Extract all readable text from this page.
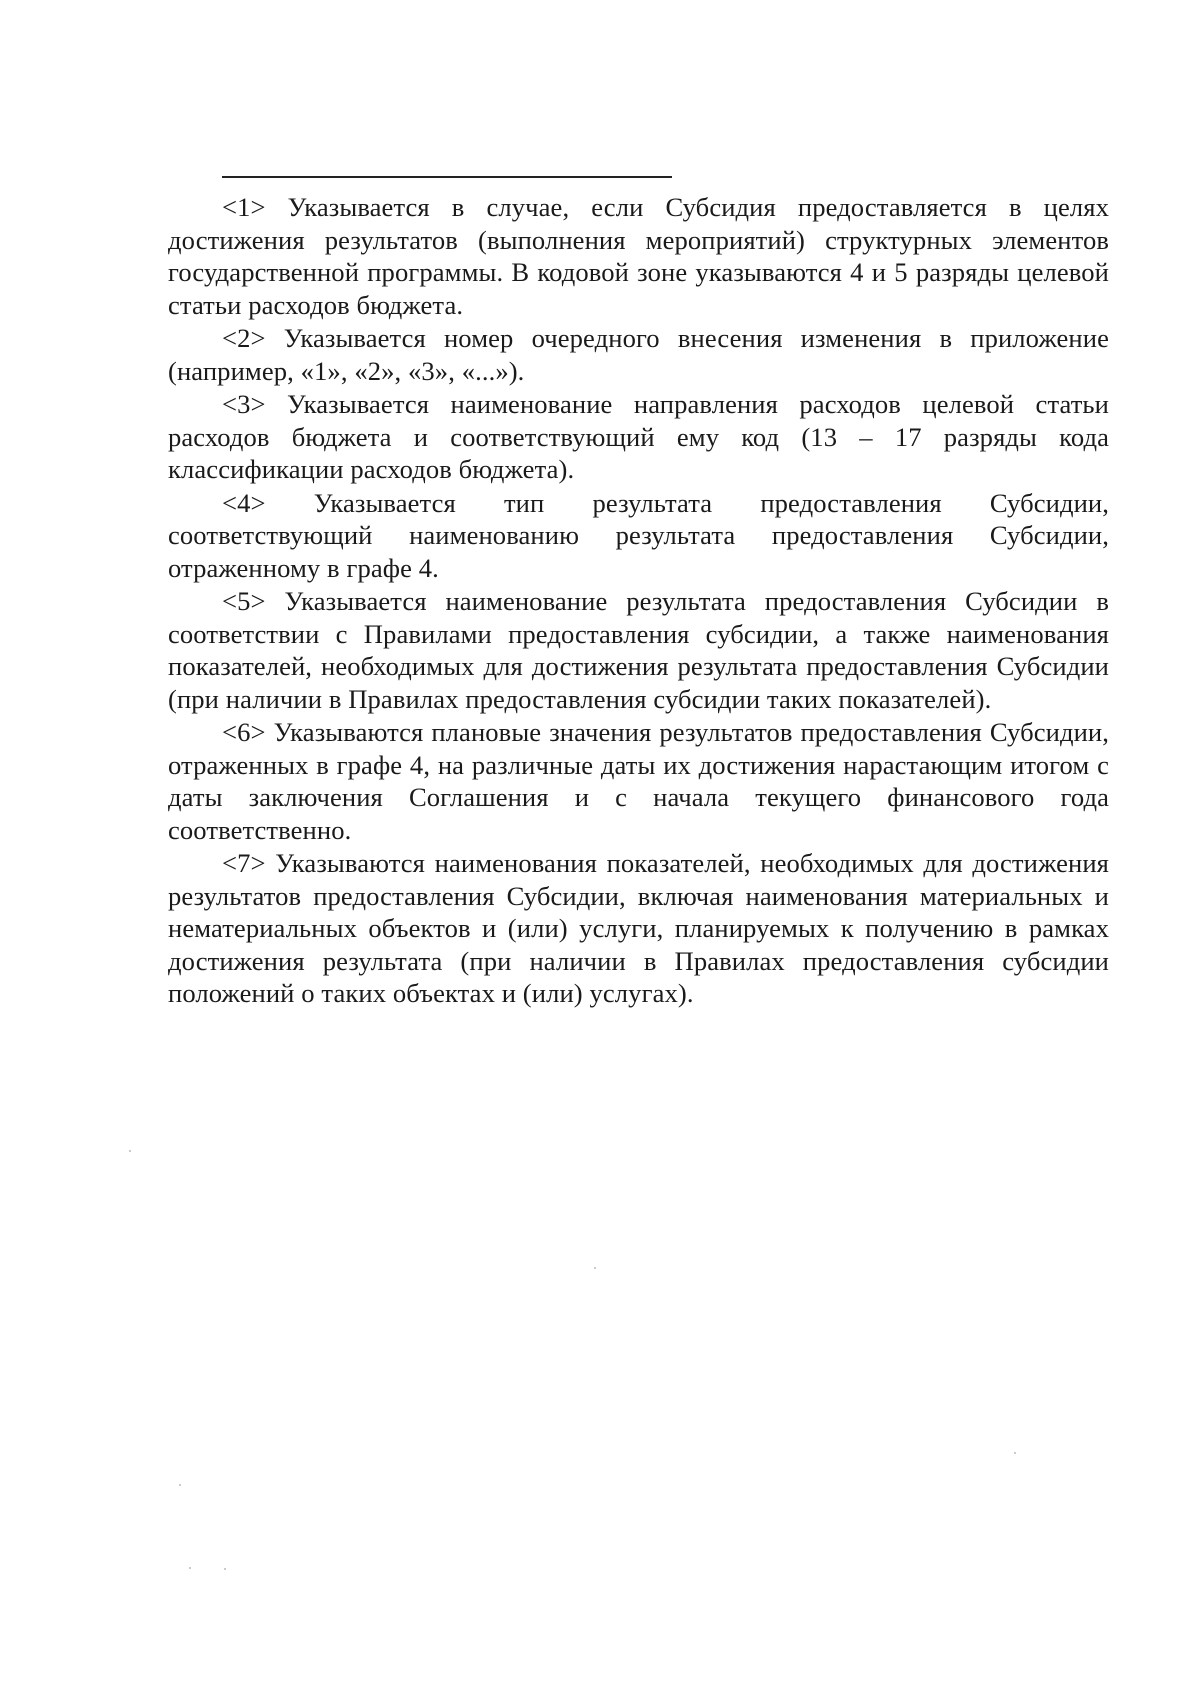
<1> Указывается в случае, если Субсидия предоставляется в целях достижения результатов (выполнения мероприятий) структурных элементов государственной программы. В кодовой зоне указываются 4 и 5 разряды целевой статьи расходов бюджета.

<2> Указывается номер очередного внесения изменения в приложение (например, «1», «2», «3», «...»).

<3> Указывается наименование направления расходов целевой статьи расходов бюджета и соответствующий ему код (13 – 17 разряды кода классификации расходов бюджета).

<4> Указывается тип результата предоставления Субсидии, соответствующий наименованию результата предоставления Субсидии, отраженному в графе 4.

<5> Указывается наименование результата предоставления Субсидии в соответствии с Правилами предоставления субсидии, а также наименования показателей, необходимых для достижения результата предоставления Субсидии (при наличии в Правилах предоставления субсидии таких показателей).

<6> Указываются плановые значения результатов предоставления Субсидии, отраженных в графе 4, на различные даты их достижения нарастающим итогом с даты заключения Соглашения и с начала текущего финансового года соответственно.

<7> Указываются наименования показателей, необходимых для достижения результатов предоставления Субсидии, включая наименования материальных и нематериальных объектов и (или) услуги, планируемых к получению в рамках достижения результата (при наличии в Правилах предоставления субсидии положений о таких объектах и (или) услугах).
